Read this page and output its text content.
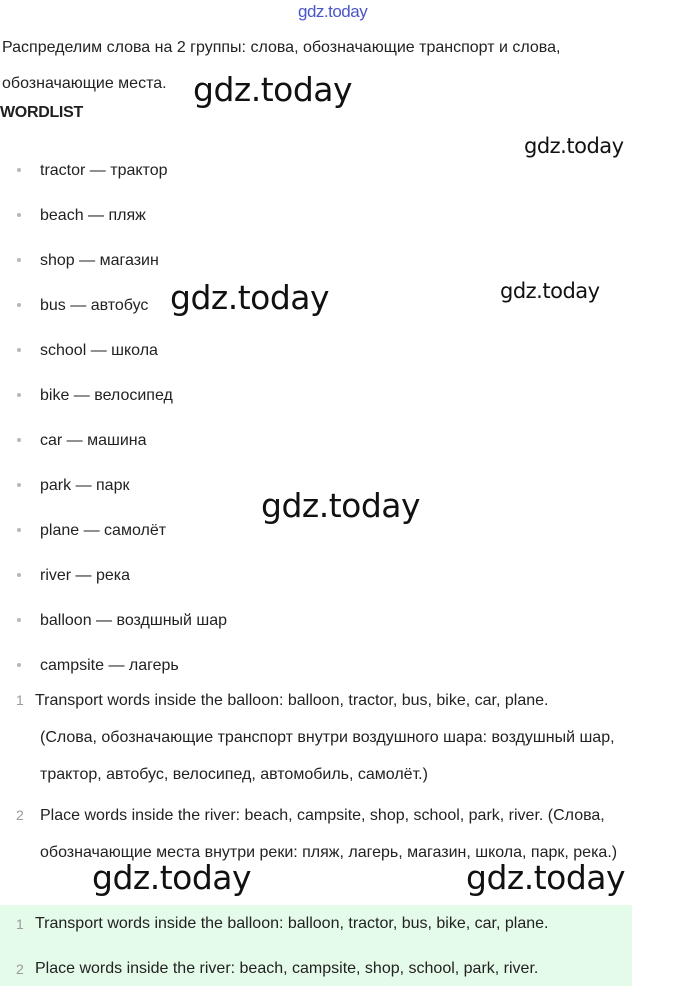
gdz.today
Распределим слова на 2 группы: слова, обозначающие транспорт и слова, обозначающие места.
WORDLIST
tractor — трактор
beach — пляж
shop — магазин
bus — автобус
school — школа
bike — велосипед
car — машина
park — парк
plane — самолёт
river — река
balloon — воздшный шар
campsite — лагерь
1 Transport words inside the balloon: balloon, tractor, bus, bike, car, plane.
(Слова, обозначающие транспорт внутри воздушного шара: воздушный шар, трактор, автобус, велосипед, автомобиль, самолёт.)
2 Place words inside the river: beach, campsite, shop, school, park, river. (Слова, обозначающие места внутри реки: пляж, лагерь, магазин, школа, парк, река.)
1 Transport words inside the balloon: balloon, tractor, bus, bike, car, plane.
2 Place words inside the river: beach, campsite, shop, school, park, river.
gdz.today
gdz.today
gdz.today	gdz.today
gdz.today
gdz.today	gdz.today
